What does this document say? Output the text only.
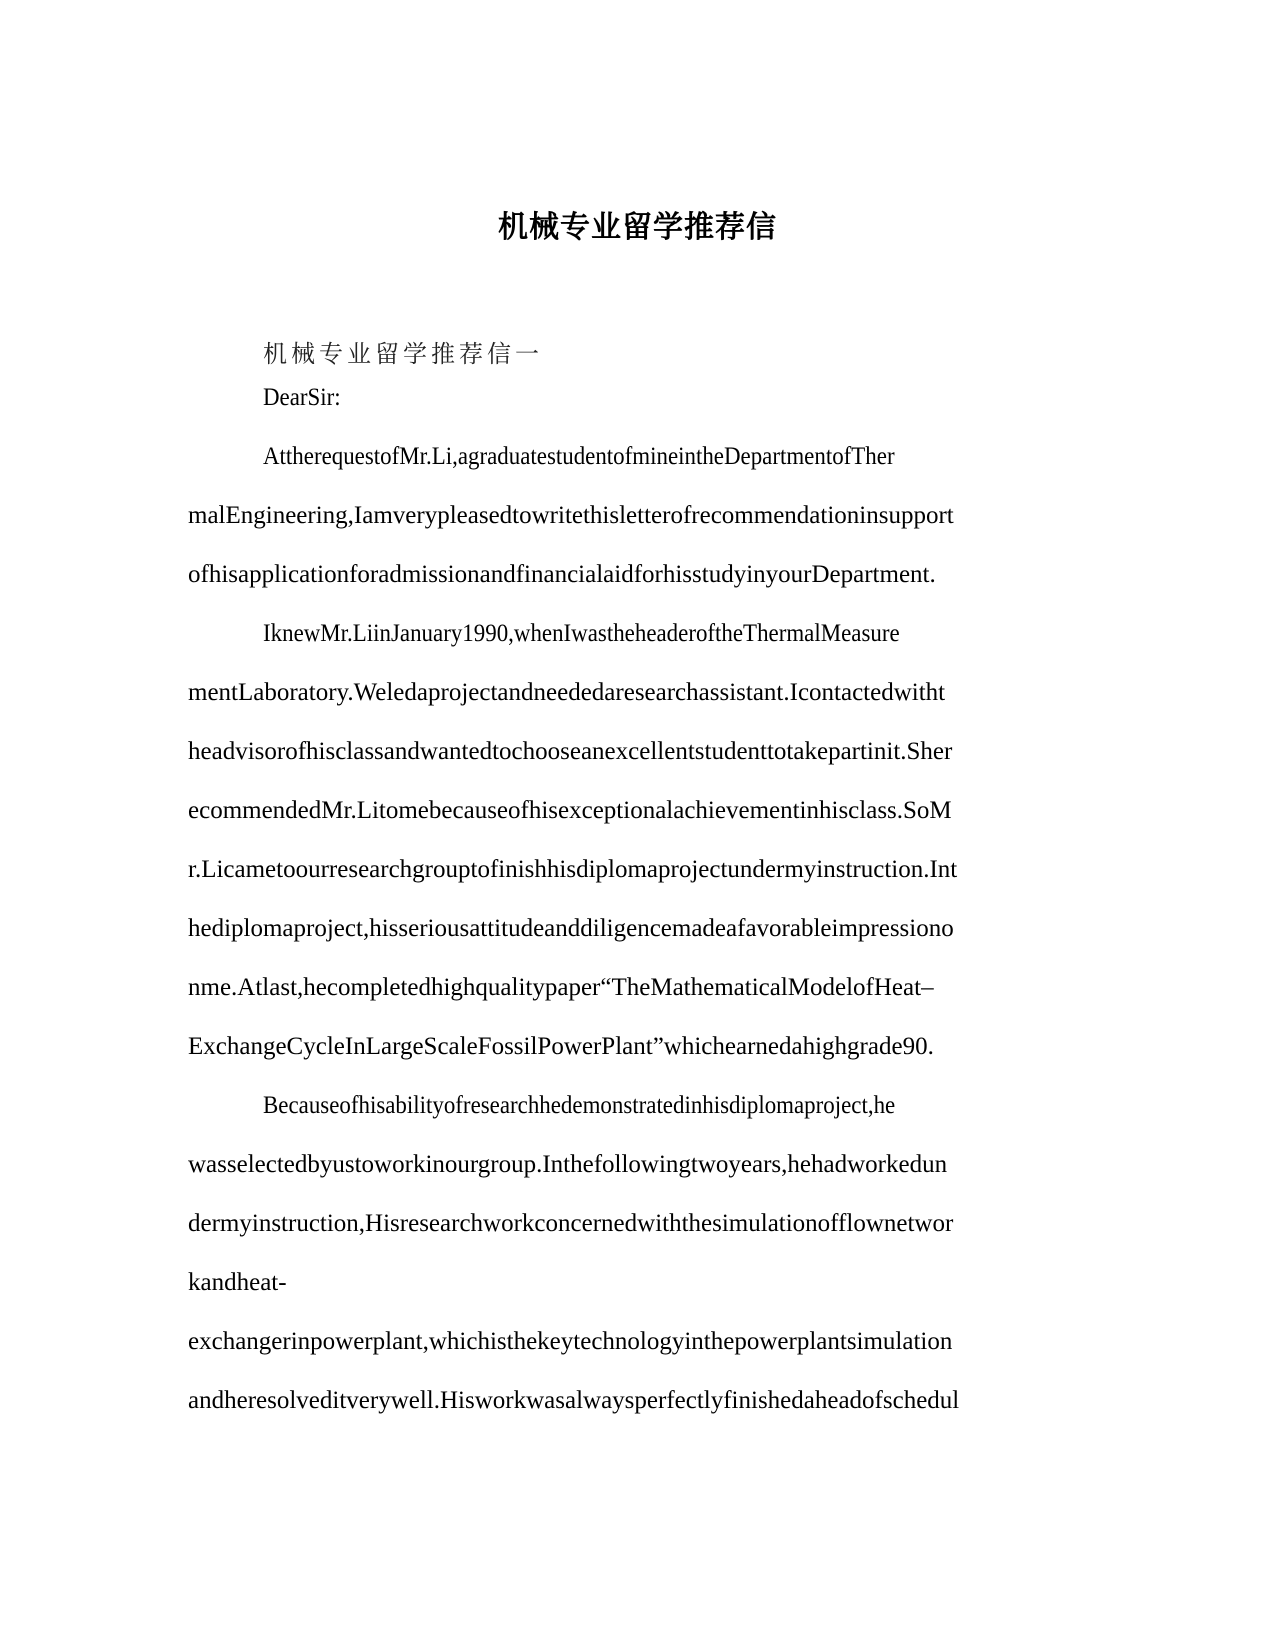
机械专业留学推荐信
机械专业留学推荐信一
DearSir:
AttherequestofMr.Li,agraduatestudentofmineintheDepartmentofTher
malEngineering,Iamverypleasedtowritethisletterofrecommendationinsupport
ofhisapplicationforadmissionandfinancialaidforhisstudyinyourDepartment.
IknewMr.LiinJanuary1990,whenIwastheheaderoftheThermalMeasure
mentLaboratory.Weledaprojectandneededaresearchassistant.Icontactedwitht
headvisorofhisclassandwantedtochooseanexcellentstudenttotakepartinit.Sher
ecommendedMr.Litomebecauseofhisexceptionalachievementinhisclass.SoM
r.Licametoourresearchgrouptofinishhisdiplomaprojectundermyinstruction.Int
hediplomaproject,hisseriousattitudeanddiligencemadeafavorableimpressiono
nme.Atlast,hecompletedhighqualitypaper“TheMathematicalModelofHeat–
ExchangeCycleInLargeScaleFossilPowerPlant”whichearnedahighgrade90.
Becauseofhisabilityofresearchhedemonstratedinhisdiplomaproject,he
wasselectedbyustoworkinourgroup.Inthefollowingtwoyears,hehadworkedun
dermyinstruction,Hisresearchworkconcernedwiththesimulationofflownetwor
kandheat-
exchangerinpowerplant,whichisthekeytechnologyinthepowerplantsimulation
andheresolveditverywell.Hisworkwasalwaysperfectlyfinishedaheadofschedul
